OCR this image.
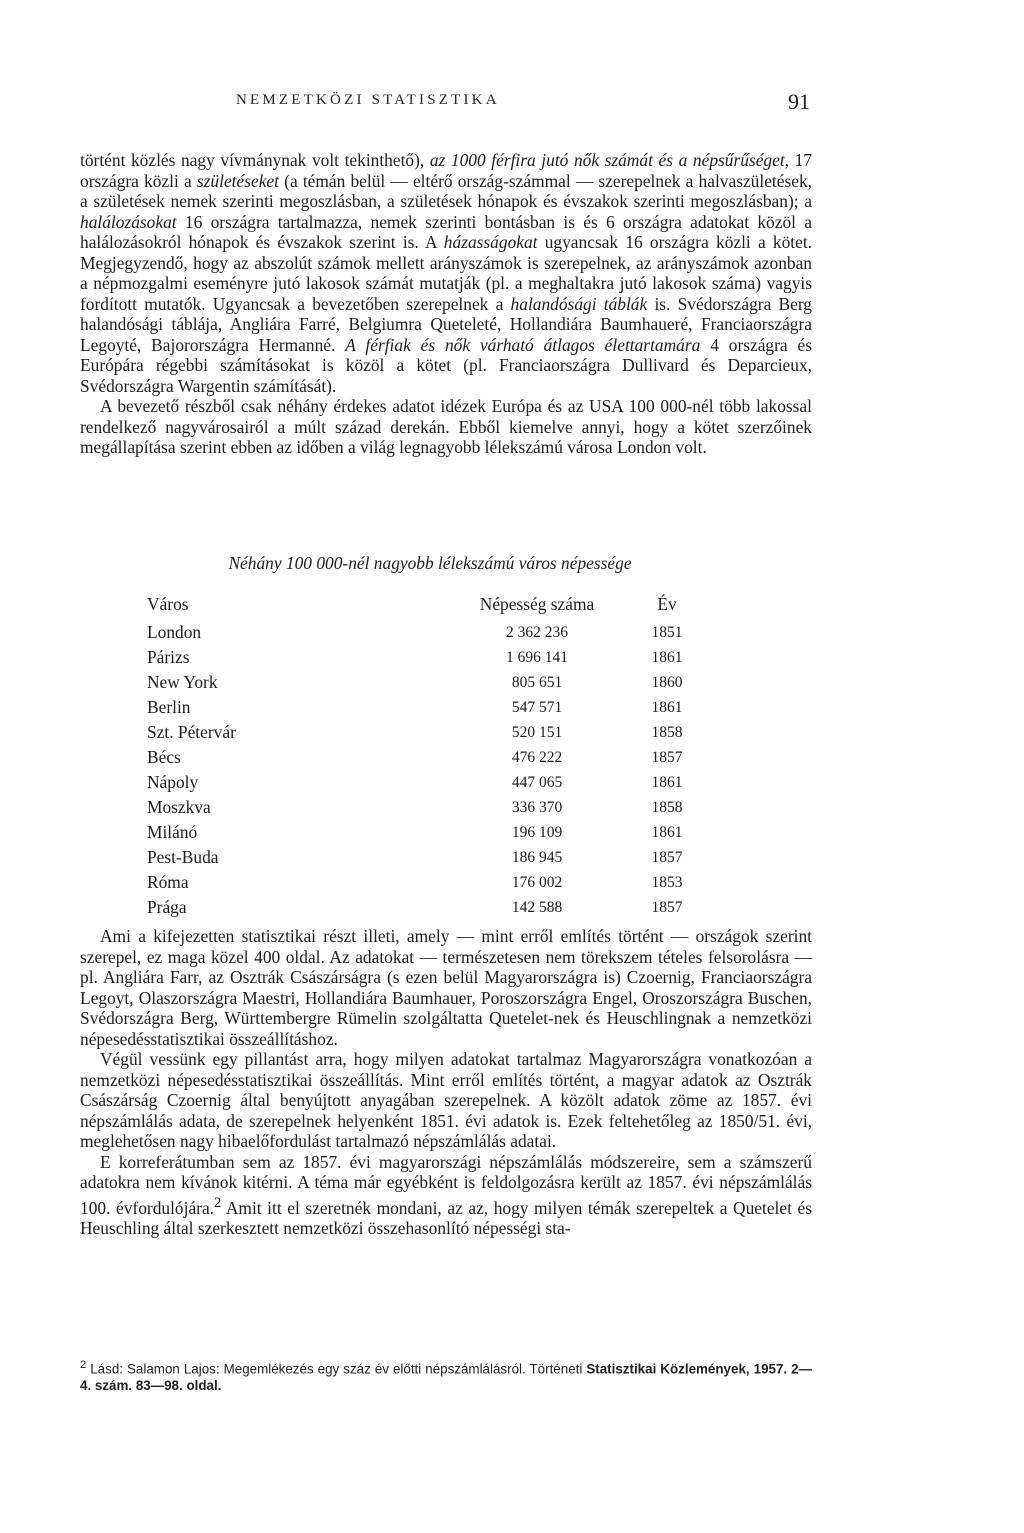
NEMZETKÖZI STATISZTIKA	91

történt közlés nagy vívmánynak volt tekinthető), az 1000 férfira jutó nők számát és a népsűrűséget, 17 országra közli a születéseket (a témán belül — eltérő ország-számmal — szerepelnek a halvaszületések, a születések nemek szerinti megoszlásban, a születések hónapok és évszakok szerinti megoszlásban); a halálozásokat 16 országra tartalmazza, nemek szerinti bontásban is és 6 országra adatokat közöl a halálozásokról hónapok és évszakok szerint is. A házasságokat ugyancsak 16 országra közli a kötet. Megjegyzendő, hogy az abszolút számok mellett arányszámok is szerepelnek, az arányszámok azonban a népmozgalmi eseményre jutó lakosok számát mutatják (pl. a meghaltakra jutó lakosok száma) vagyis fordított mutatók. Ugyancsak a bevezetőben szerepelnek a halandósági táblák is. Svédországra Berg halandósági táblája, Angliára Farré, Belgiumra Queteleté, Hollandiára Baumhaueré, Franciaországra Legoyté, Bajorországra Hermanné. A férfiak és nők várható átlagos élettartamára 4 országra és Európára régebbi számításokat is közöl a kötet (pl. Franciaországra Dullivard és Deparcieux, Svédországra Wargentin számítását).

A bevezető részből csak néhány érdekes adatot idézek Európa és az USA 100 000-nél több lakossal rendelkező nagyvárosairól a múlt század derekán. Ebből kiemelve annyi, hogy a kötet szerzőinek megállapítása szerint ebben az időben a világ legnagyobb lélekszámú városa London volt.

Néhány 100 000-nél nagyobb lélekszámú város népessége
Város	Népesség száma	Év
London	2 362 236	1851
Párizs	1 696 141	1861
New York	805 651	1860
Berlin	547 571	1861
Szt. Pétervár	520 151	1858
Bécs	476 222	1857
Nápoly	447 065	1861
Moszkva	336 370	1858
Milánó	196 109	1861
Pest-Buda	186 945	1857
Róma	176 002	1853
Prága	142 588	1857

Ami a kifejezetten statisztikai részt illeti, amely — mint erről említés történt — országok szerint szerepel, ez maga közel 400 oldal. Az adatokat — természetesen nem törekszem tételes felsorolásra — pl. Angliára Farr, az Osztrák Császárságra (s ezen belül Magyarországra is) Czoernig, Franciaországra Legoyt, Olaszországra Maestri, Hollandiára Baumhauer, Poroszországra Engel, Oroszországra Buschen, Svédországra Berg, Württembergre Rümelin szolgáltatta Quetelet-nek és Heuschlingnak a nemzetközi népesedésstatisztikai összeállításhoz.

Végül vessünk egy pillantást arra, hogy milyen adatokat tartalmaz Magyarországra vonatkozóan a nemzetközi népesedésstatisztikai összeállítás. Mint erről említés történt, a magyar adatok az Osztrák Császárság Czoernig által benyújtott anyagában szerepelnek. A közölt adatok zöme az 1857. évi népszámlálás adata, de szerepelnek helyenként 1851. évi adatok is. Ezek feltehetőleg az 1850/51. évi, meglehetősen nagy hibaelőfordulást tartalmazó népszámlálás adatai.

E korreferátumban sem az 1857. évi magyarországi népszámlálás módszereire, sem a számszerű adatokra nem kívánok kitérni. A téma már egyébként is feldolgozásra került az 1857. évi népszámlálás 100. évfordulójára.$^2$ Amit itt el szeretnék mondani, az az, hogy milyen témák szerepeltek a Quetelet és Heuschling által szerkesztett nemzetközi összehasonlító népességi sta-

$^2$ Lásd: Salamon Lajos: Megemlékezés egy száz év előtti népszámlálásról. Történeti Statisztikai Közlemények, 1957. 2—4. szám. 83—98. oldal.
